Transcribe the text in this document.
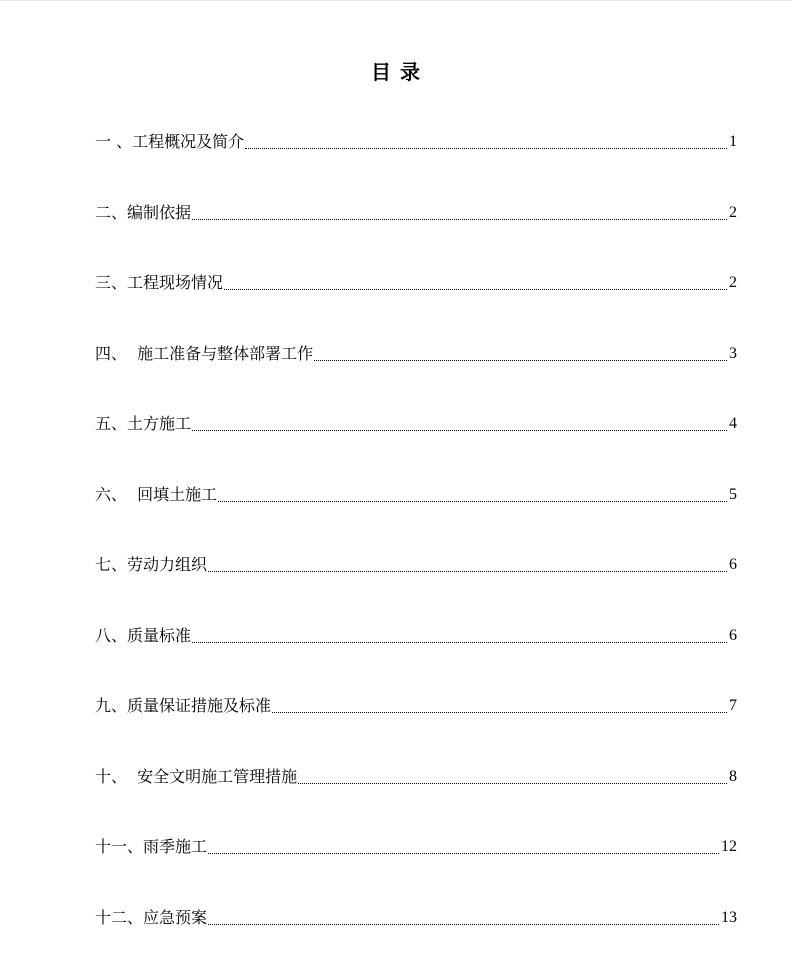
目 录
一 、工程概况及简介	1
二、编制依据	2
三、工程现场情况	2
四、  施工准备与整体部署工作	3
五、土方施工	4
六、  回填土施工	5
七、劳动力组织	6
八、质量标准	6
九、质量保证措施及标准	7
十、  安全文明施工管理措施	8
十一、雨季施工	12
十二、应急预案	13
